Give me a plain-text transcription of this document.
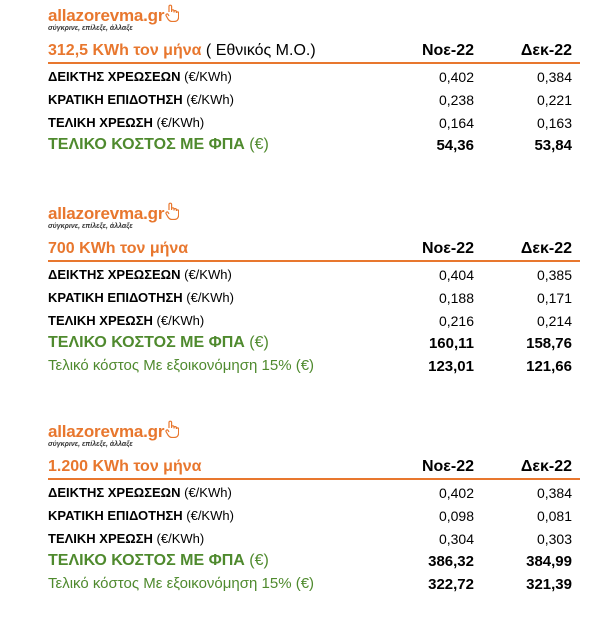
allazorevma.gr
σύγκρινε, επίλεξε, άλλαξε
312,5 KWh τον μήνα ( Εθνικός Μ.Ο.)	Νοε-22	Δεκ-22
ΔΕΙΚΤΗΣ ΧΡΕΩΣΕΩΝ (€/KWh)	0,402	0,384
ΚΡΑΤΙΚΗ ΕΠΙΔΟΤΗΣΗ (€/KWh)	0,238	0,221
ΤΕΛΙΚΗ ΧΡΕΩΣΗ (€/KWh)	0,164	0,163
ΤΕΛΙΚΟ ΚΟΣΤΟΣ ΜΕ ΦΠΑ (€)	54,36	53,84
allazorevma.gr
σύγκρινε, επίλεξε, άλλαξε
700 KWh τον μήνα	Νοε-22	Δεκ-22
ΔΕΙΚΤΗΣ ΧΡΕΩΣΕΩΝ (€/KWh)	0,404	0,385
ΚΡΑΤΙΚΗ ΕΠΙΔΟΤΗΣΗ (€/KWh)	0,188	0,171
ΤΕΛΙΚΗ ΧΡΕΩΣΗ (€/KWh)	0,216	0,214
ΤΕΛΙΚΟ ΚΟΣΤΟΣ ΜΕ ΦΠΑ (€)	160,11	158,76
Τελικό κόστος Με εξοικονόμηση 15% (€)	123,01	121,66
allazorevma.gr
σύγκρινε, επίλεξε, άλλαξε
1.200 KWh τον μήνα	Νοε-22	Δεκ-22
ΔΕΙΚΤΗΣ ΧΡΕΩΣΕΩΝ (€/KWh)	0,402	0,384
ΚΡΑΤΙΚΗ ΕΠΙΔΟΤΗΣΗ (€/KWh)	0,098	0,081
ΤΕΛΙΚΗ ΧΡΕΩΣΗ (€/KWh)	0,304	0,303
ΤΕΛΙΚΟ ΚΟΣΤΟΣ ΜΕ ΦΠΑ (€)	386,32	384,99
Τελικό κόστος Με εξοικονόμηση 15% (€)	322,72	321,39
